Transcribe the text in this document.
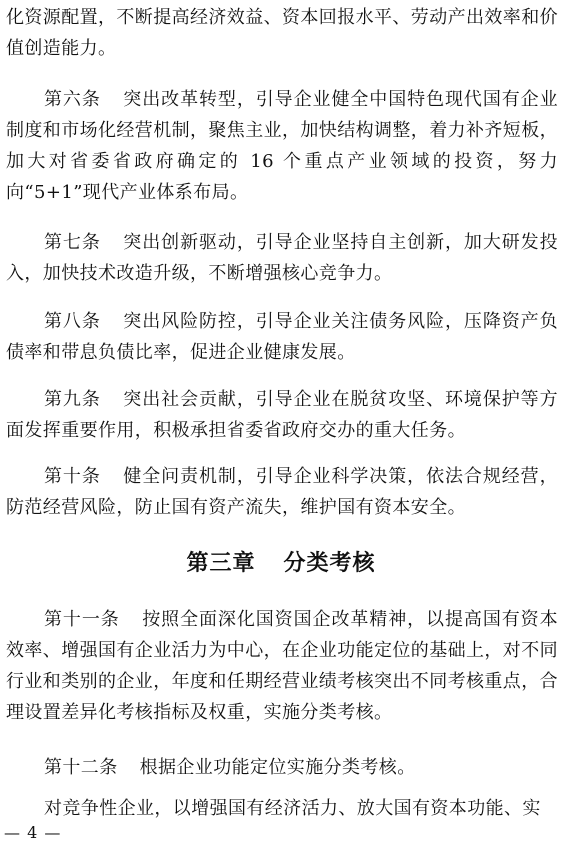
化资源配置，不断提高经济效益、资本回报水平、劳动产出效率和价值创造能力。

第六条 突出改革转型，引导企业健全中国特色现代国有企业制度和市场化经营机制，聚焦主业，加快结构调整，着力补齐短板，加大对省委省政府确定的 16 个重点产业领域的投资，努力向“5+1”现代产业体系布局。

第七条 突出创新驱动，引导企业坚持自主创新，加大研发投入，加快技术改造升级，不断增强核心竞争力。

第八条 突出风险防控，引导企业关注债务风险，压降资产负债率和带息负债比率，促进企业健康发展。

第九条 突出社会贡献，引导企业在脱贫攻坚、环境保护等方面发挥重要作用，积极承担省委省政府交办的重大任务。

第十条 健全问责机制，引导企业科学决策，依法合规经营，防范经营风险，防止国有资产流失，维护国有资本安全。

第三章 分类考核

第十一条 按照全面深化国资国企改革精神，以提高国有资本效率、增强国有企业活力为中心，在企业功能定位的基础上，对不同行业和类别的企业，年度和任期经营业绩考核突出不同考核重点，合理设置差异化考核指标及权重，实施分类考核。

第十二条 根据企业功能定位实施分类考核。

对竞争性企业，以增强国有经济活力、放大国有资本功能、实

— 4 —
